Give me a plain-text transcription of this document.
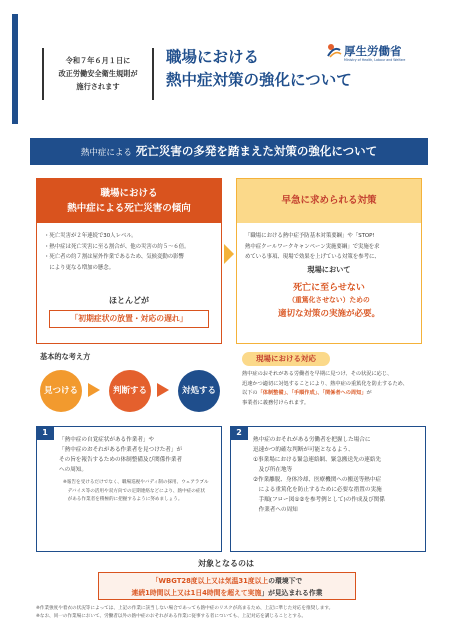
令和７年６月１日に
改正労働安全衛生規則が
施行されます
職場における
熱中症対策の強化について
厚生労働省
Ministry of Health, Labour and Welfare
熱中症による 死亡災害の多発を踏まえた対策の強化について
職場における
熱中症による死亡災害の傾向
・死亡災害が２年連続で30人レベル。
・熱中症は死亡災害に至る割合が、他の災害の約５～６倍。
・死亡者の約７割は屋外作業であるため、気候変動の影響
　により更なる増加の懸念。
ほとんどが
「初期症状の放置・対応の遅れ」
早急に求められる対策
「職場における熱中症予防基本対策要綱」や「STOP!
熱中症クールワークキャンペーン実施要綱」で実施を求
めている事項、現場で効果を上げている対策を参考に、
現場において
死亡に至らせない
（重篤化させない）ための
適切な対策の実施が必要。
基本的な考え方
見つける	判断する	対処する
現場における対応
熱中症のおそれがある労働者を早期に見つけ、その状況に応じ、
迅速かつ適切に対処することにより、熱中症の重篤化を防止するため、
以下の「体制整備」、「手順作成」、「関係者への周知」が
事業者に義務付けられます。
1
「熱中症の自覚症状がある作業者」や
「熱中症のおそれがある作業者を見つけた者」が
その旨を報告するための体制整備及び関係作業者
への周知。
※報告を受けるだけでなく、職場巡視やバディ制の採用、ウェアラブル
　デバイス等の活用や双方向での定期連絡などにより、熱中症の症状
　がある作業者を積極的に把握するように努めましょう。
2
熱中症のおそれがある労働者を把握した場合に
迅速かつ的確な判断が可能となるよう、
①事業場における緊急連絡網、緊急搬送先の連絡先
　及び所在地等
②作業離脱、身体冷却、医療機関への搬送等熱中症
　による重篤化を防止するために必要な措置の実施
　手順(フロー図①②を参考例として)の作成及び関係
　作業者への周知
対象となるのは
「WBGT28度以上又は気温31度以上の環境下で
連続1時間以上又は1日4時間を超えて実施」が見込まれる作業
※作業強度や着衣の状況等によっては、上記の作業に該当しない場合であっても熱中症のリスクが高まるため、上記に準じた対応を推奨します。
※なお、同一の作業場において、労働者以外の熱中症のおそれがある作業に従事する者についても、上記対応を講じることとする。
